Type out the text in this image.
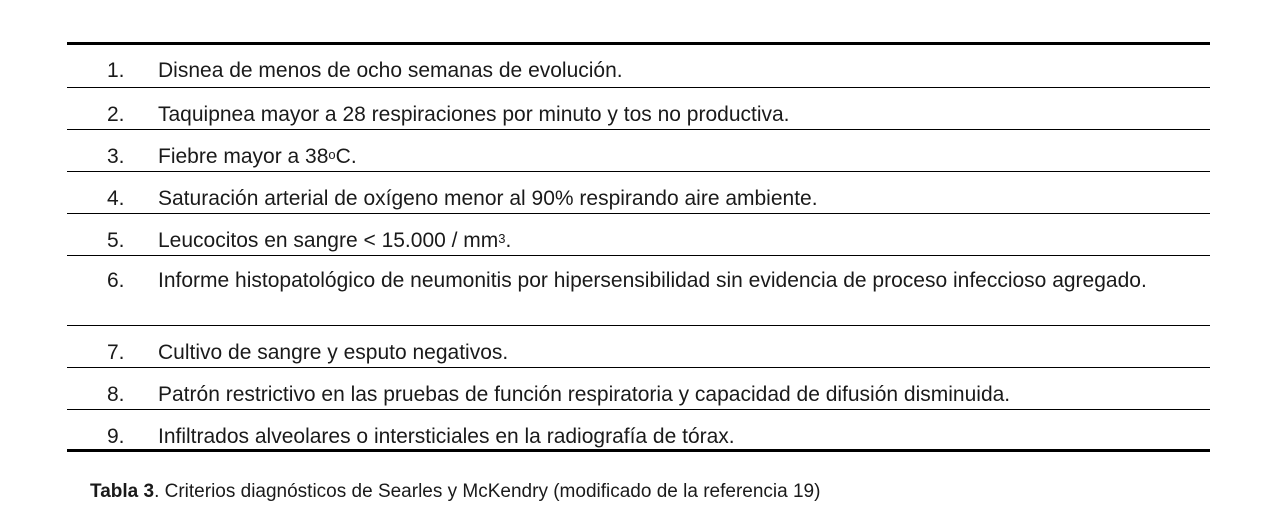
1.	Disnea de menos de ocho semanas de evolución.
2.	Taquipnea mayor a 28 respiraciones por minuto y tos no productiva.
3.	Fiebre mayor a 38$^o$C.
4.	Saturación arterial de oxígeno menor al 90% respirando aire ambiente.
5.	Leucocitos en sangre < $15.000 / mm^3$.
6.	Informe histopatológico de neumonitis por hipersensibilidad sin evidencia de proceso infeccioso agregado.
7.	Cultivo de sangre y esputo negativos.
8.	Patrón restrictivo en las pruebas de función respiratoria y capacidad de difusión disminuida.
9.	Infiltrados alveolares o intersticiales en la radiografía de tórax.
Tabla 3. Criterios diagnósticos de Searles y McKendry (modificado de la referencia 19)
